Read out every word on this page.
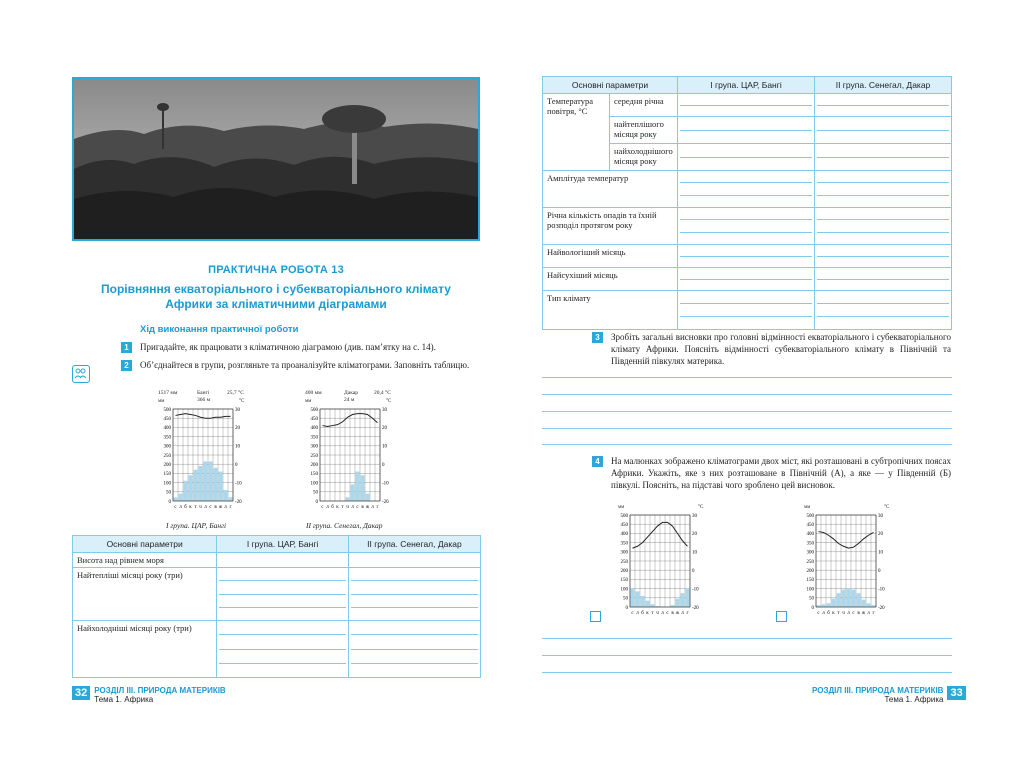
ПРАКТИЧНА РОБОТА 13
Порівняння екваторіального і субекваторіального клімату Африки за кліматичними діаграмами
Хід виконання практичної роботи
1	Пригадайте, як працювати з кліматичною діаграмою (див. пам’ятку на с. 14).
2	Об’єднайтеся в групи, розгляньте та проаналізуйте кліматограми. Заповніть таблицю.
1517 мм	Бангі
366 м
25,7 °С
мм	°С
0
50
100
150
200
250
300
350
400
450
500
-20
-10
0
10
20
30
с л б к т ч л с в ж л г
I група. ЦАР, Бангі
400 мм	Дакар
24 м
20,4 °С
мм	°С
0
50
100
150
200
250
300
350
400
450
500
-20
-10
0
10
20
30
с л б к т ч л с в ж л г
II група. Сенегал, Дакар
Основні параметри	I група. ЦАР, Бангі	II група. Сенегал, Дакар
Висота над рівнем моря		
Найтепліші місяці року (три)	

Найхолодніші місяці року (три)	

32 РОЗДІЛ ІІІ. ПРИРОДА МАТЕРИКІВ
Тема 1. Африка
Основні параметри		I група. ЦАР, Бангі	II група. Сенегал, Дакар
Температура повітря, °С	середня річна	

	найтеплішого місяця року	

	найхолоднішого місяця року	

Амплітуда температур		

Річна кількість опадів та їхній розподіл протягом року		

Найвологіший місяць		

Найсухіший місяць		

Тип клімату		

3	Зробіть загальні висновки про головні відмінності екваторіального і субекваторіального клімату Африки. Поясніть відмінності субекваторіального клімату в Північній та Південній півкулях материка.
4	На малюнках зображено кліматограми двох міст, які розташовані в субтропічних поясах Африки. Укажіть, яке з них розташоване в Північній (А), а яке — у Південній (Б) півкулі. Поясніть, на підставі чого зроблено цей висновок.
мм	°С
0
50
100
150
200
250
300
350
400
450
500
-20
-10
0
10
20
30
с л б к т ч л с в ж л г
мм	°С
0
50
100
150
200
250
300
350
400
450
500
-20
-10
0
10
20
30
с л б к т ч л с в ж л г
РОЗДІЛ ІІІ. ПРИРОДА МАТЕРИКІВ
Тема 1. Африка
33
